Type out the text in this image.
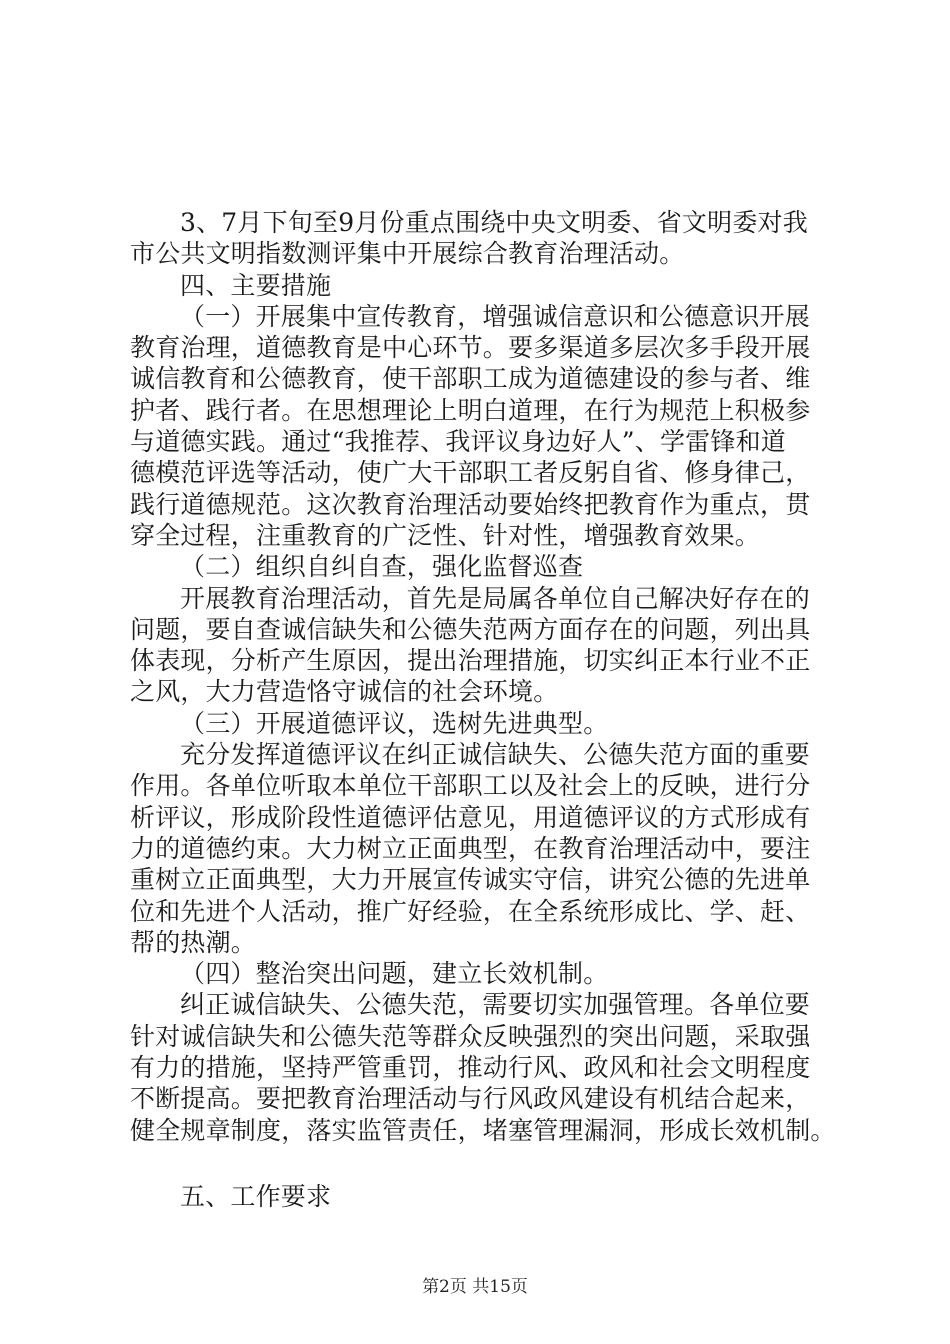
3、7月下旬至9月份重点围绕中央文明委、省文明委对我
市公共文明指数测评集中开展综合教育治理活动。
四、主要措施
（一）开展集中宣传教育，增强诚信意识和公德意识开展
教育治理，道德教育是中心环节。要多渠道多层次多手段开展
诚信教育和公德教育，使干部职工成为道德建设的参与者、维
护者、践行者。在思想理论上明白道理，在行为规范上积极参
与道德实践。通过“我推荐、我评议身边好人”、学雷锋和道
德模范评选等活动，使广大干部职工者反躬自省、修身律己，
践行道德规范。这次教育治理活动要始终把教育作为重点，贯
穿全过程，注重教育的广泛性、针对性，增强教育效果。
（二）组织自纠自查，强化监督巡查
开展教育治理活动，首先是局属各单位自己解决好存在的
问题，要自查诚信缺失和公德失范两方面存在的问题，列出具
体表现，分析产生原因，提出治理措施，切实纠正本行业不正
之风，大力营造恪守诚信的社会环境。
（三）开展道德评议，选树先进典型。
充分发挥道德评议在纠正诚信缺失、公德失范方面的重要
作用。各单位听取本单位干部职工以及社会上的反映，进行分
析评议，形成阶段性道德评估意见，用道德评议的方式形成有
力的道德约束。大力树立正面典型，在教育治理活动中，要注
重树立正面典型，大力开展宣传诚实守信，讲究公德的先进单
位和先进个人活动，推广好经验，在全系统形成比、学、赶、
帮的热潮。
（四）整治突出问题，建立长效机制。
纠正诚信缺失、公德失范，需要切实加强管理。各单位要
针对诚信缺失和公德失范等群众反映强烈的突出问题，采取强
有力的措施，坚持严管重罚，推动行风、政风和社会文明程度
不断提高。要把教育治理活动与行风政风建设有机结合起来，
健全规章制度，落实监管责任，堵塞管理漏洞，形成长效机制。
五、工作要求
第2页 共15页
